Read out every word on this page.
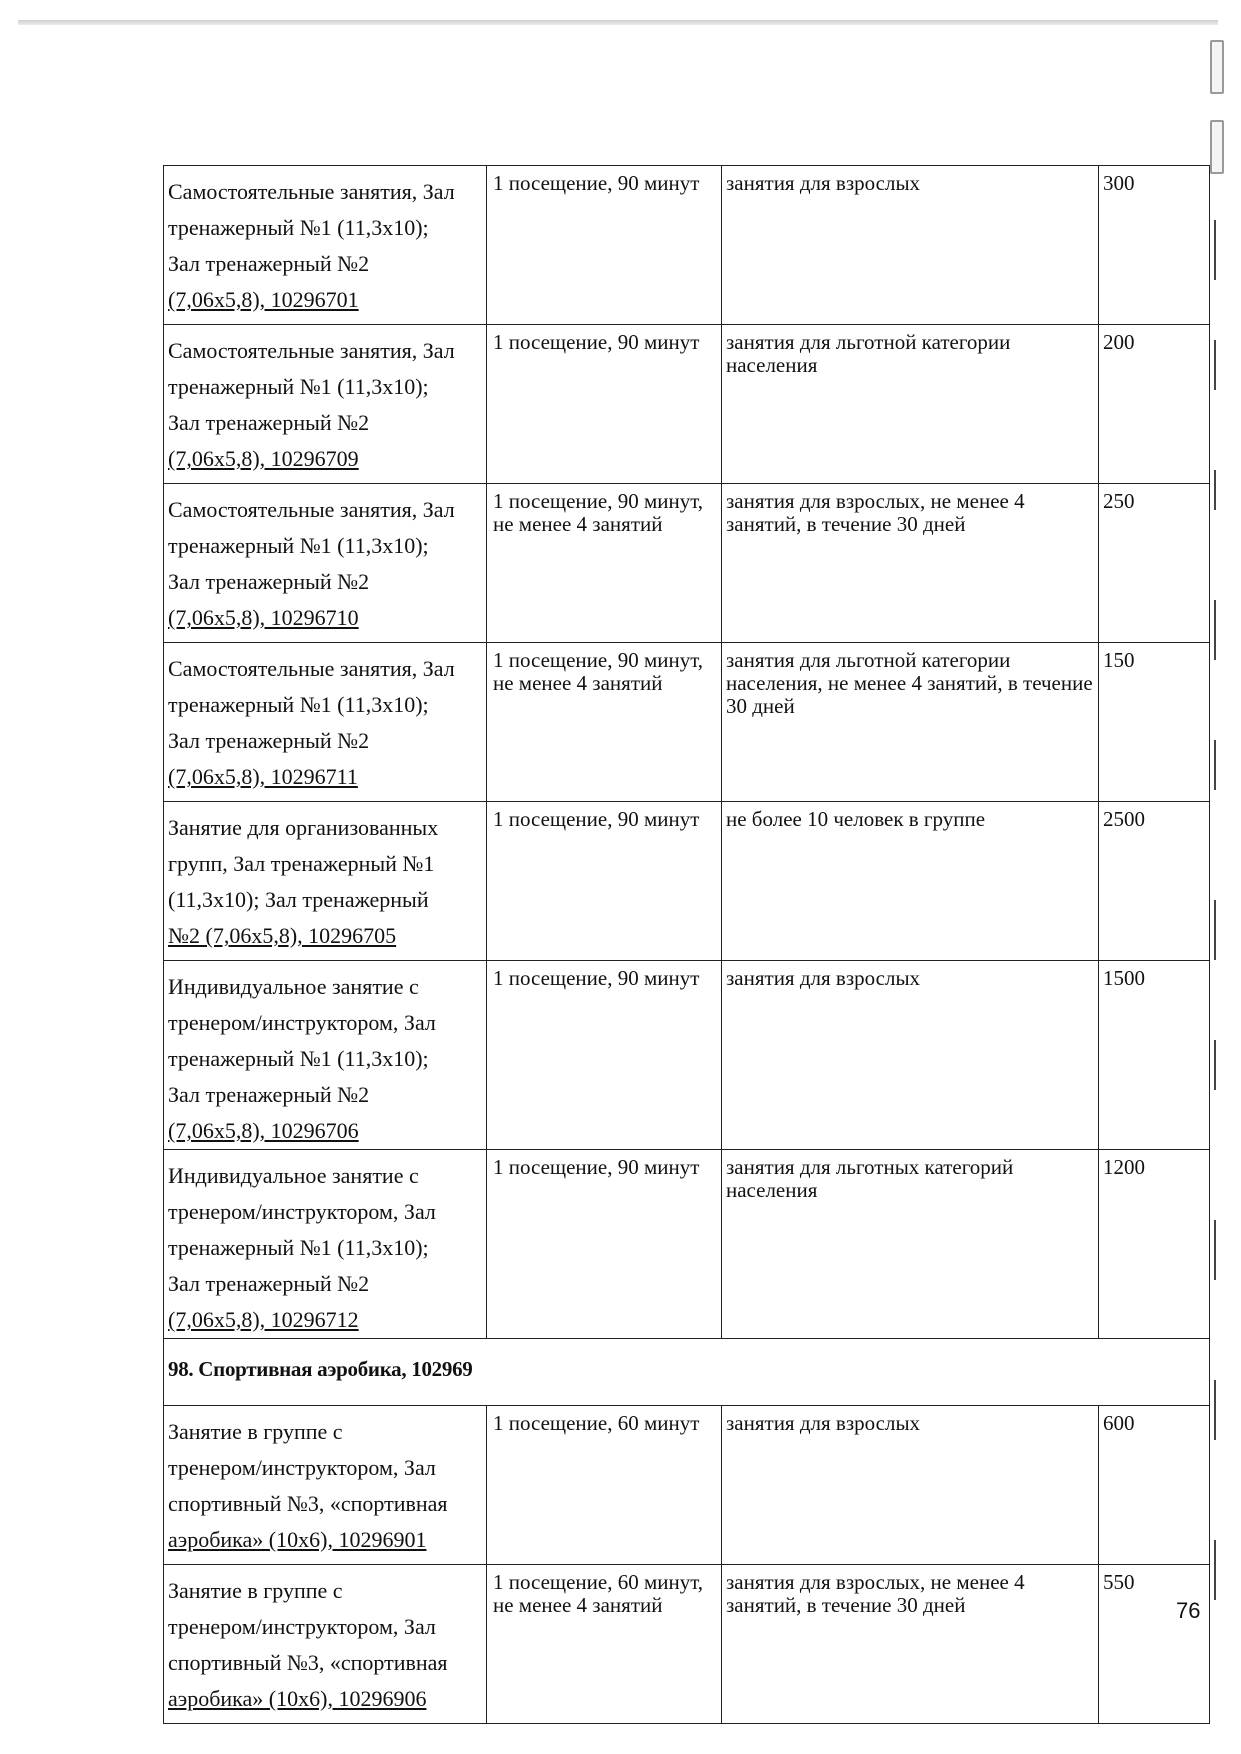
Самостоятельные занятия, Зал
тренажерный №1 (11,3х10);
Зал тренажерный №2
(7,06х5,8), 10296701	1 посещение, 90 минут	занятия для взрослых	300

Самостоятельные занятия, Зал
тренажерный №1 (11,3х10);
Зал тренажерный №2
(7,06х5,8), 10296709	1 посещение, 90 минут	занятия для льготной категории населения	200

Самостоятельные занятия, Зал
тренажерный №1 (11,3х10);
Зал тренажерный №2
(7,06х5,8), 10296710	1 посещение, 90 минут, не менее 4 занятий	занятия для взрослых, не менее 4 занятий, в течение 30 дней	250

Самостоятельные занятия, Зал
тренажерный №1 (11,3х10);
Зал тренажерный №2
(7,06х5,8), 10296711	1 посещение, 90 минут, не менее 4 занятий	занятия для льготной категории населения, не менее 4 занятий, в течение 30 дней	150

Занятие для организованных
групп, Зал тренажерный №1
(11,3х10); Зал тренажерный
№2 (7,06х5,8), 10296705	1 посещение, 90 минут	не более 10 человек в группе	2500

Индивидуальное занятие с
тренером/инструктором, Зал
тренажерный №1 (11,3х10);
Зал тренажерный №2
(7,06х5,8), 10296706	1 посещение, 90 минут	занятия для взрослых	1500

Индивидуальное занятие с
тренером/инструктором, Зал
тренажерный №1 (11,3х10);
Зал тренажерный №2
(7,06х5,8), 10296712	1 посещение, 90 минут	занятия для льготных категорий населения	1200
98. Спортивная аэробика, 102969			

Занятие в группе с
тренером/инструктором, Зал
спортивный №3, «спортивная
аэробика» (10х6), 10296901	1 посещение, 60 минут	занятия для взрослых	600

Занятие в группе с
тренером/инструктором, Зал
спортивный №3, «спортивная
аэробика» (10х6), 10296906	1 посещение, 60 минут, не менее 4 занятий	занятия для взрослых, не менее 4 занятий, в течение 30 дней	550
76
